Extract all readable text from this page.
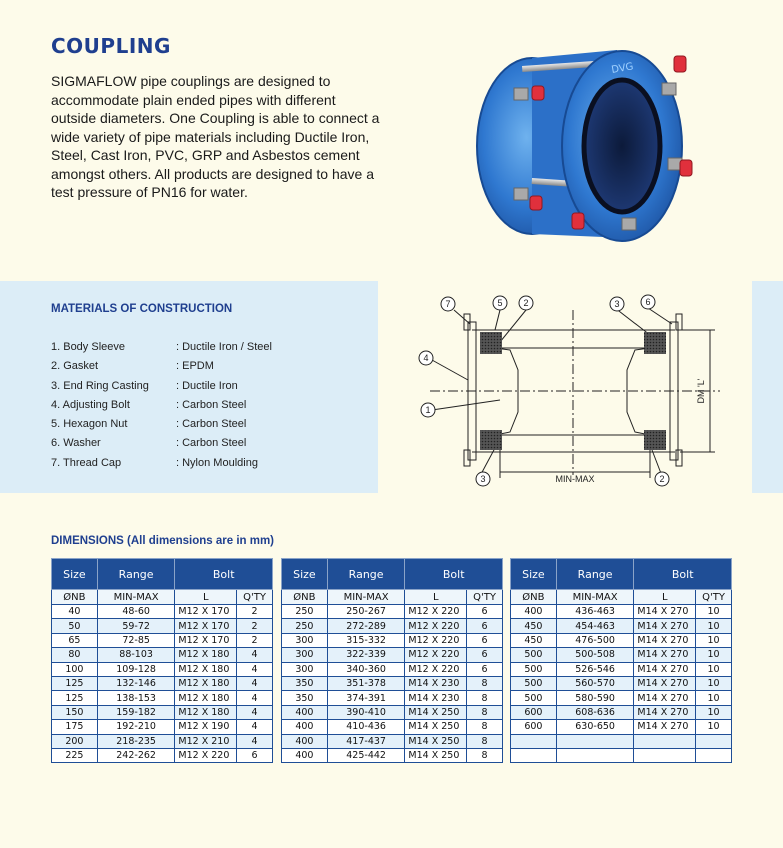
COUPLING
SIGMAFLOW pipe couplings are designed to accommodate plain ended pipes with different outside diameters. One Coupling is able to connect a wide variety of pipe materials including Ductile Iron, Steel, Cast Iron, PVC, GRP and Asbestos cement amongst others. All products are designed to have a test pressure of PN16 for water.
DVG
MATERIALS OF CONSTRUCTION
1. Body Sleeve	: Ductile Iron / Steel
2. Gasket	: EPDM
3. End Ring Casting	: Ductile Iron
4. Adjusting Bolt	: Carbon Steel
5. Hexagon Nut	: Carbon Steel
6. Washer	: Carbon Steel
7. Thread Cap	: Nylon Moulding
7	5 2	3	6
4
1
3	2
MIN-MAX
DM 'L'
DIMENSIONS (All dimensions are in mm)
Size	Range	Bolt	
ØNB	MIN-MAX	L	Q'TY
40	48-60	M12 X 170	2
50	59-72	M12 X 170	2
65	72-85	M12 X 170	2
80	88-103	M12 X 180	4
100	109-128	M12 X 180	4
125	132-146	M12 X 180	4
125	138-153	M12 X 180	4
150	159-182	M12 X 180	4
175	192-210	M12 X 190	4
200	218-235	M12 X 210	4
225	242-262	M12 X 220	6
Size	Range	Bolt	
ØNB	MIN-MAX	L	Q'TY
250	250-267	M12 X 220	6
250	272-289	M12 X 220	6
300	315-332	M12 X 220	6
300	322-339	M12 X 220	6
300	340-360	M12 X 220	6
350	351-378	M14 X 230	8
350	374-391	M14 X 230	8
400	390-410	M14 X 250	8
400	410-436	M14 X 250	8
400	417-437	M14 X 250	8
400	425-442	M14 X 250	8
Size	Range	Bolt	
ØNB	MIN-MAX	L	Q'TY
400	436-463	M14 X 270	10
450	454-463	M14 X 270	10
450	476-500	M14 X 270	10
500	500-508	M14 X 270	10
500	526-546	M14 X 270	10
500	560-570	M14 X 270	10
500	580-590	M14 X 270	10
600	608-636	M14 X 270	10
600	630-650	M14 X 270	10
